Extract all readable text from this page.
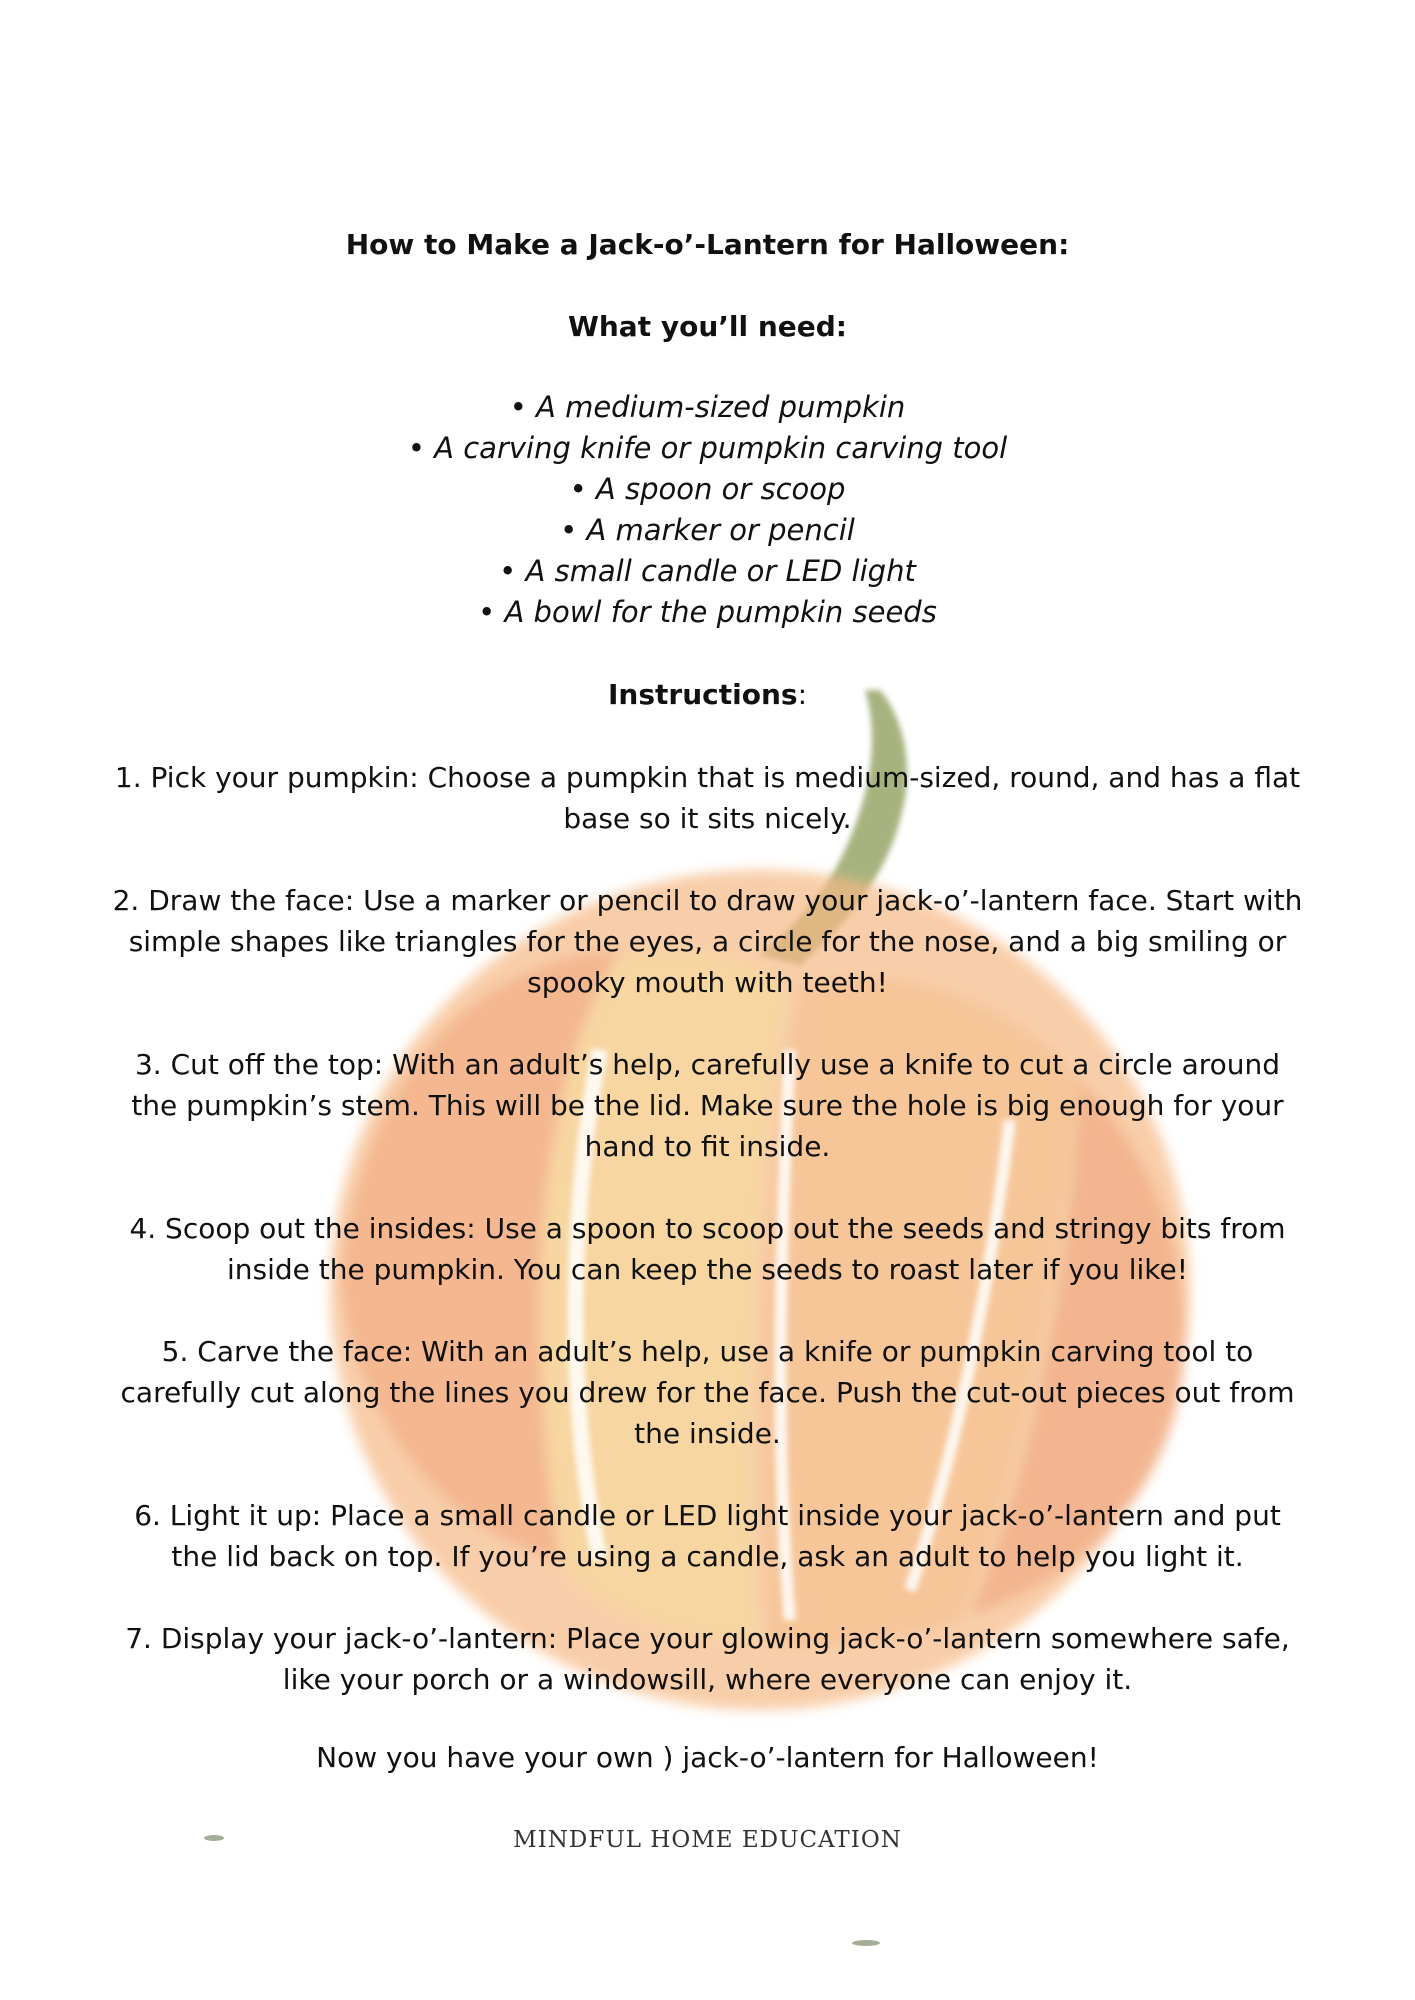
How to Make a Jack-o’-Lantern for Halloween:
What you’ll need:
• A medium-sized pumpkin
• A carving knife or pumpkin carving tool
• A spoon or scoop
• A marker or pencil
• A small candle or LED light
• A bowl for the pumpkin seeds
Instructions:
1. Pick your pumpkin: Choose a pumpkin that is medium-sized, round, and has a flat base so it sits nicely.
2. Draw the face: Use a marker or pencil to draw your jack-o’-lantern face. Start with simple shapes like triangles for the eyes, a circle for the nose, and a big smiling or spooky mouth with teeth!
3. Cut off the top: With an adult’s help, carefully use a knife to cut a circle around the pumpkin’s stem. This will be the lid. Make sure the hole is big enough for your hand to fit inside.
4. Scoop out the insides: Use a spoon to scoop out the seeds and stringy bits from inside the pumpkin. You can keep the seeds to roast later if you like!
5. Carve the face: With an adult’s help, use a knife or pumpkin carving tool to carefully cut along the lines you drew for the face. Push the cut-out pieces out from the inside.
6. Light it up: Place a small candle or LED light inside your jack-o’-lantern and put the lid back on top. If you’re using a candle, ask an adult to help you light it.
7. Display your jack-o’-lantern: Place your glowing jack-o’-lantern somewhere safe, like your porch or a windowsill, where everyone can enjoy it.
Now you have your own ) jack-o’-lantern for Halloween!
MINDFUL HOME EDUCATION
